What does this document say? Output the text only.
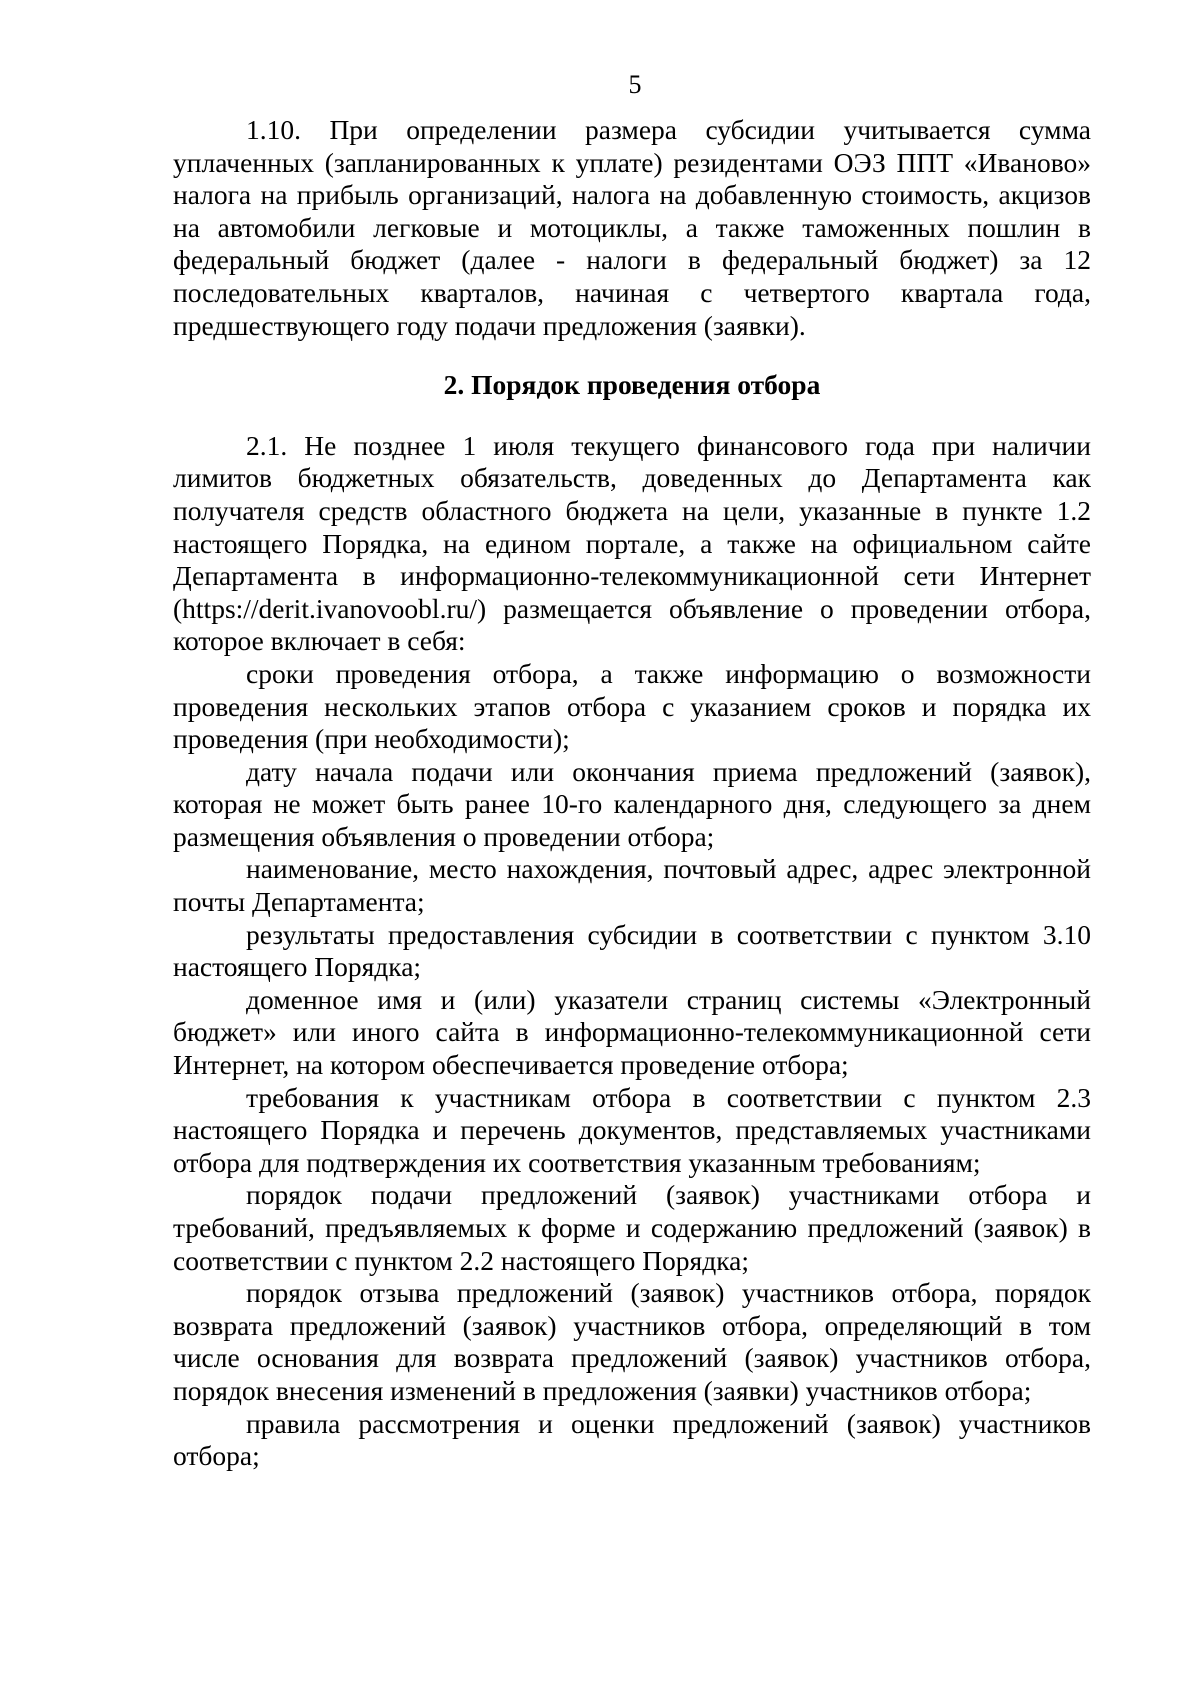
5

1.10. При определении размера субсидии учитывается сумма уплаченных (запланированных к уплате) резидентами ОЭЗ ППТ «Иваново» налога на прибыль организаций, налога на добавленную стоимость, акцизов на автомобили легковые и мотоциклы, а также таможенных пошлин в федеральный бюджет (далее - налоги в федеральный бюджет) за 12 последовательных кварталов, начиная с четвертого квартала года, предшествующего году подачи предложения (заявки).

2. Порядок проведения отбора

2.1. Не позднее 1 июля текущего финансового года при наличии лимитов бюджетных обязательств, доведенных до Департамента как получателя средств областного бюджета на цели, указанные в пункте 1.2 настоящего Порядка, на едином портале, а также на официальном сайте Департамента в информационно-телекоммуникационной сети Интернет (https://derit.ivanovoobl.ru/) размещается объявление о проведении отбора, которое включает в себя:

сроки проведения отбора, а также информацию о возможности проведения нескольких этапов отбора с указанием сроков и порядка их проведения (при необходимости);

дату начала подачи или окончания приема предложений (заявок), которая не может быть ранее 10-го календарного дня, следующего за днем размещения объявления о проведении отбора;

наименование, место нахождения, почтовый адрес, адрес электронной почты Департамента;

результаты предоставления субсидии в соответствии с пунктом 3.10 настоящего Порядка;

доменное имя и (или) указатели страниц системы «Электронный бюджет» или иного сайта в информационно-телекоммуникационной сети Интернет, на котором обеспечивается проведение отбора;

требования к участникам отбора в соответствии с пунктом 2.3 настоящего Порядка и перечень документов, представляемых участниками отбора для подтверждения их соответствия указанным требованиям;

порядок подачи предложений (заявок) участниками отбора и требований, предъявляемых к форме и содержанию предложений (заявок) в соответствии с пунктом 2.2 настоящего Порядка;

порядок отзыва предложений (заявок) участников отбора, порядок возврата предложений (заявок) участников отбора, определяющий в том числе основания для возврата предложений (заявок) участников отбора, порядок внесения изменений в предложения (заявки) участников отбора;

правила рассмотрения и оценки предложений (заявок) участников отбора;
